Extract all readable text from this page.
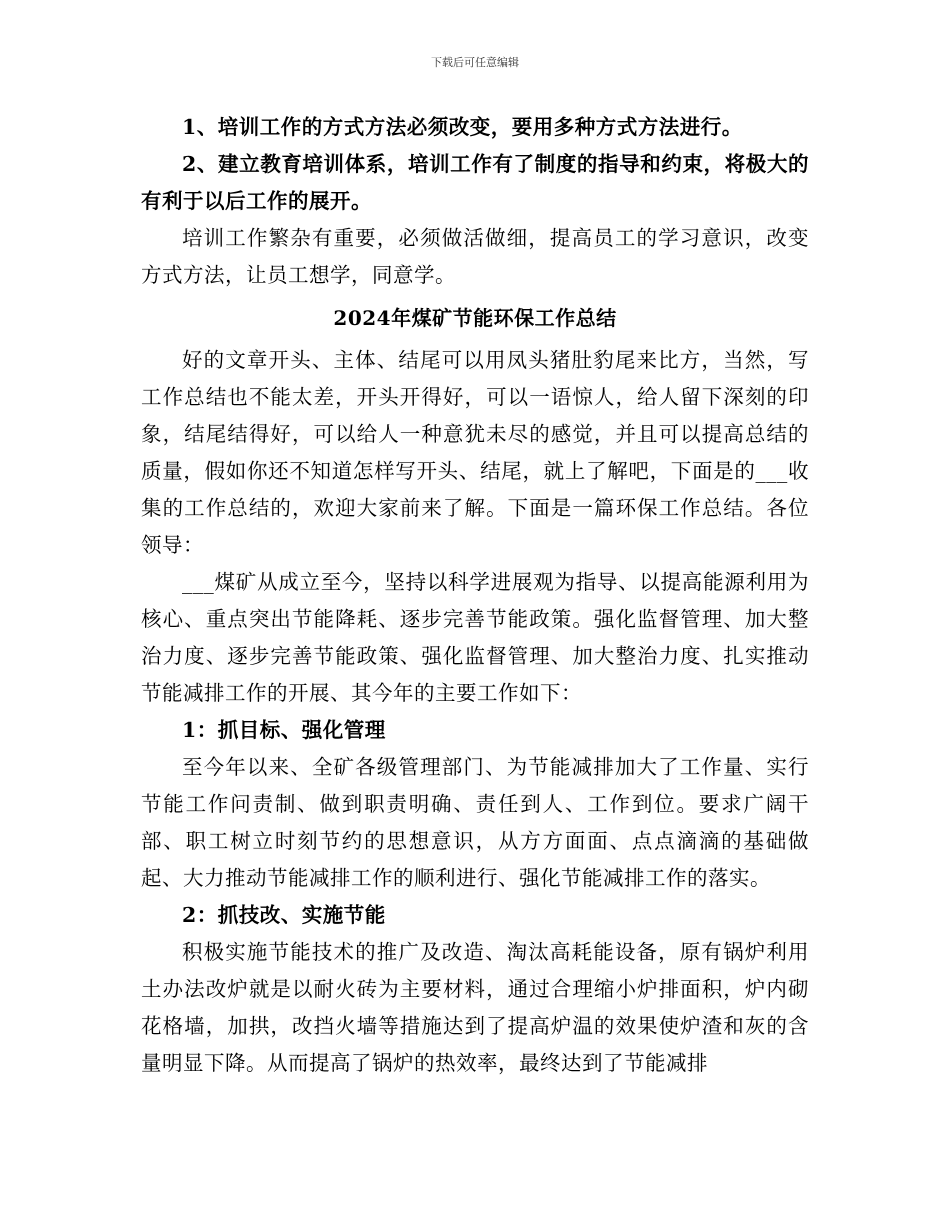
下载后可任意编辑

1、培训工作的方式方法必须改变，要用多种方式方法进行。

2、建立教育培训体系，培训工作有了制度的指导和约束，将极大的有利于以后工作的展开。

培训工作繁杂有重要，必须做活做细，提高员工的学习意识，改变方式方法，让员工想学，同意学。

2024年煤矿节能环保工作总结

好的文章开头、主体、结尾可以用凤头猪肚豹尾来比方，当然，写工作总结也不能太差，开头开得好，可以一语惊人，给人留下深刻的印象，结尾结得好，可以给人一种意犹未尽的感觉，并且可以提高总结的质量，假如你还不知道怎样写开头、结尾，就上了解吧，下面是的___收集的工作总结的，欢迎大家前来了解。下面是一篇环保工作总结。各位领导：

___煤矿从成立至今，坚持以科学进展观为指导、以提高能源利用为核心、重点突出节能降耗、逐步完善节能政策。强化监督管理、加大整治力度、逐步完善节能政策、强化监督管理、加大整治力度、扎实推动节能减排工作的开展、其今年的主要工作如下：

1：抓目标、强化管理

至今年以来、全矿各级管理部门、为节能减排加大了工作量、实行节能工作问责制、做到职责明确、责任到人、工作到位。要求广阔干部、职工树立时刻节约的思想意识，从方方面面、点点滴滴的基础做起、大力推动节能减排工作的顺利进行、强化节能减排工作的落实。

2：抓技改、实施节能

积极实施节能技术的推广及改造、淘汰高耗能设备，原有锅炉利用土办法改炉就是以耐火砖为主要材料，通过合理缩小炉排面积，炉内砌花格墙，加拱，改挡火墙等措施达到了提高炉温的效果使炉渣和灰的含量明显下降。从而提高了锅炉的热效率，最终达到了节能减排
